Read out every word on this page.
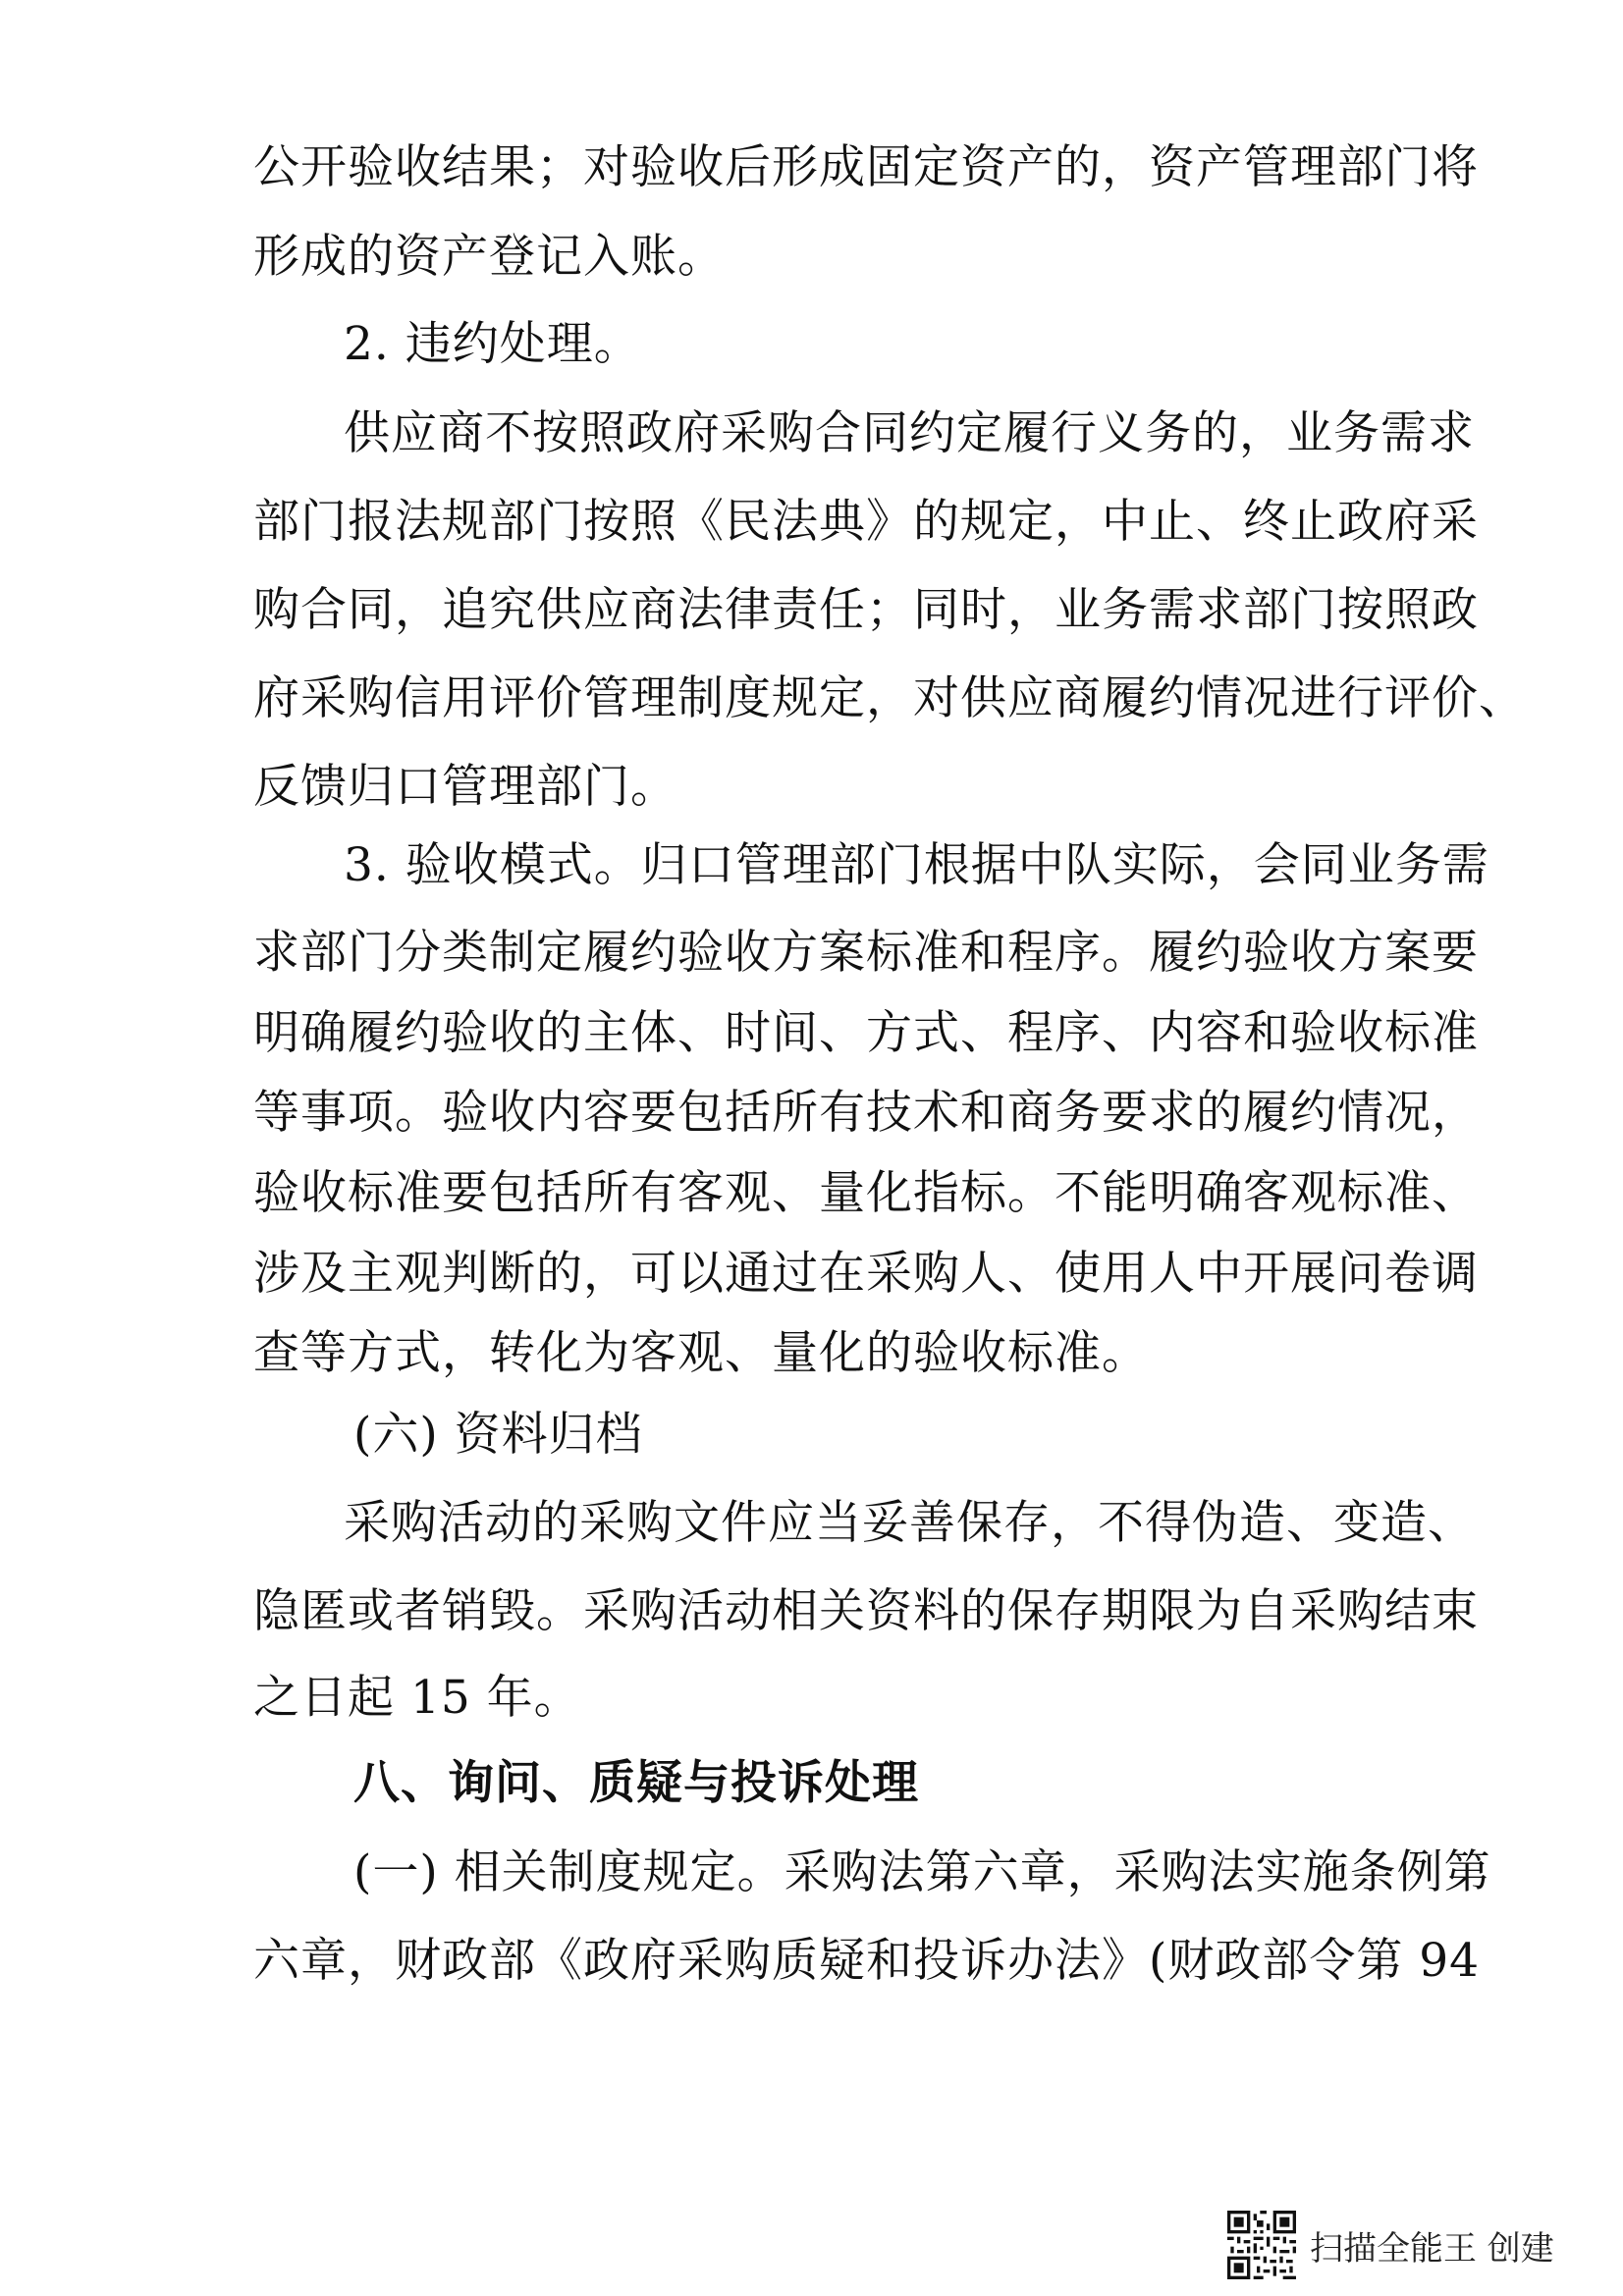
公开验收结果；对验收后形成固定资产的，资产管理部门将
形成的资产登记入账。
2. 违约处理。
供应商不按照政府采购合同约定履行义务的，业务需求
部门报法规部门按照《民法典》的规定，中止、终止政府采
购合同，追究供应商法律责任；同时，业务需求部门按照政
府采购信用评价管理制度规定，对供应商履约情况进行评价、
反馈归口管理部门。
3. 验收模式。归口管理部门根据中队实际，会同业务需
求部门分类制定履约验收方案标准和程序。履约验收方案要
明确履约验收的主体、时间、方式、程序、内容和验收标准
等事项。验收内容要包括所有技术和商务要求的履约情况，
验收标准要包括所有客观、量化指标。不能明确客观标准、
涉及主观判断的，可以通过在采购人、使用人中开展问卷调
查等方式，转化为客观、量化的验收标准。
(六) 资料归档
采购活动的采购文件应当妥善保存，不得伪造、变造、
隐匿或者销毁。采购活动相关资料的保存期限为自采购结束
之日起 15 年。
八、询问、质疑与投诉处理
(一) 相关制度规定。采购法第六章，采购法实施条例第
六章，财政部《政府采购质疑和投诉办法》(财政部令第 94
扫描全能王 创建
